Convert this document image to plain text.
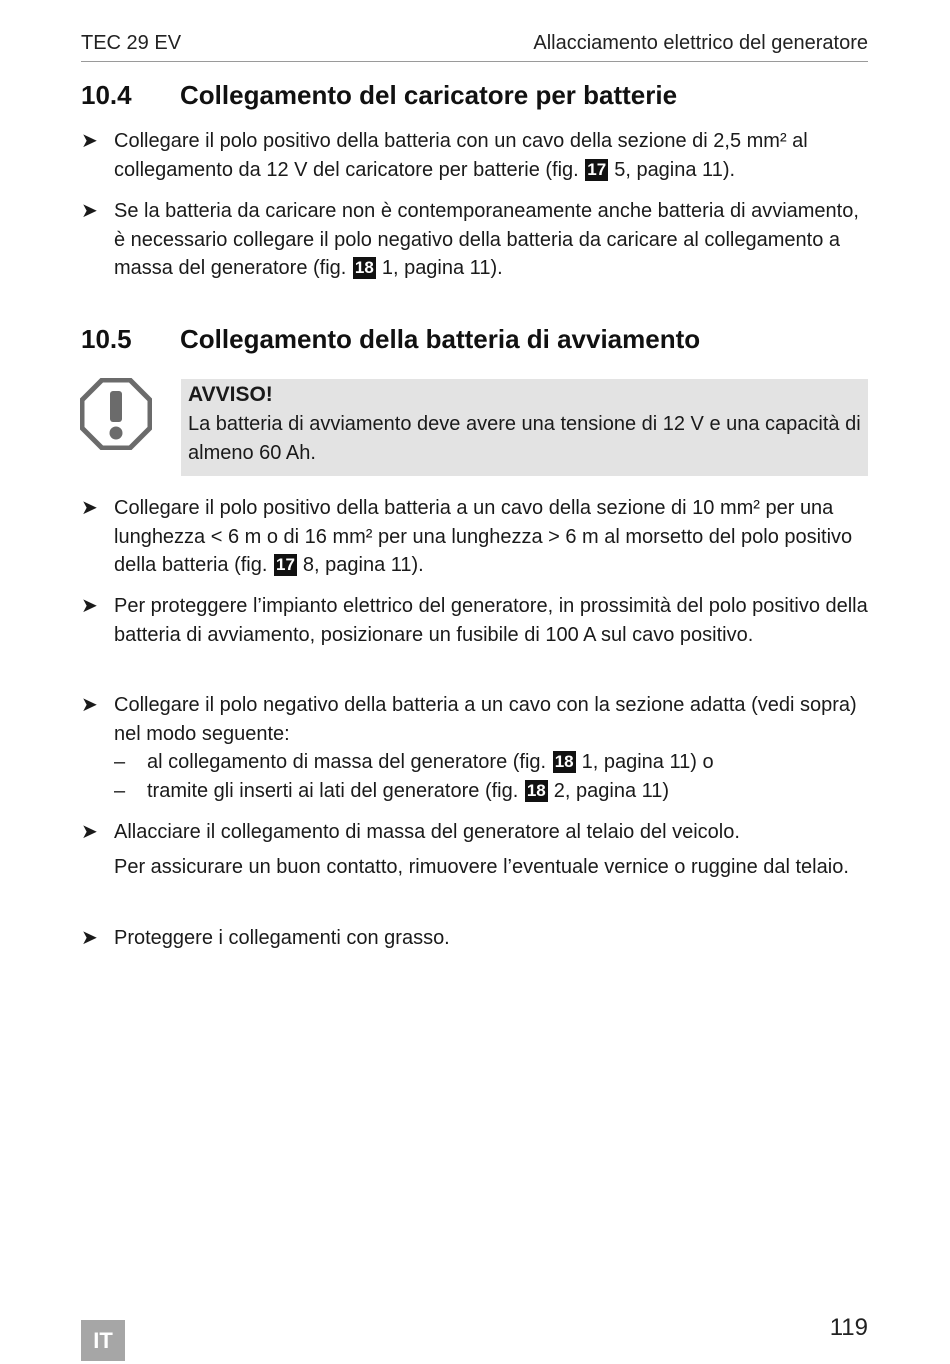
TEC 29 EV	Allacciamento elettrico del generatore
10.4 Collegamento del caricatore per batterie
➤ Collegare il polo positivo della batteria con un cavo della sezione di 2,5 mm² al collegamento da 12 V del caricatore per batterie (fig. 17 5, pagina 11).
➤ Se la batteria da caricare non è contemporaneamente anche batteria di avviamento, è necessario collegare il polo negativo della batteria da caricare al collegamento a massa del generatore (fig. 18 1, pagina 11).
10.5 Collegamento della batteria di avviamento
AVVISO!
La batteria di avviamento deve avere una tensione di 12 V e una capacità di almeno 60 Ah.
➤ Collegare il polo positivo della batteria a un cavo della sezione di 10 mm² per una lunghezza < 6 m o di 16 mm² per una lunghezza > 6 m al morsetto del polo positivo della batteria (fig. 17 8, pagina 11).
➤ Per proteggere l’impianto elettrico del generatore, in prossimità del polo positivo della batteria di avviamento, posizionare un fusibile di 100 A sul cavo positivo.
➤ Collegare il polo negativo della batteria a un cavo con la sezione adatta (vedi sopra) nel modo seguente:
– al collegamento di massa del generatore (fig. 18 1, pagina 11) o
– tramite gli inserti ai lati del generatore (fig. 18 2, pagina 11)
➤ Allacciare il collegamento di massa del generatore al telaio del veicolo.
Per assicurare un buon contatto, rimuovere l’eventuale vernice o ruggine dal telaio.
➤ Proteggere i collegamenti con grasso.
IT	119
